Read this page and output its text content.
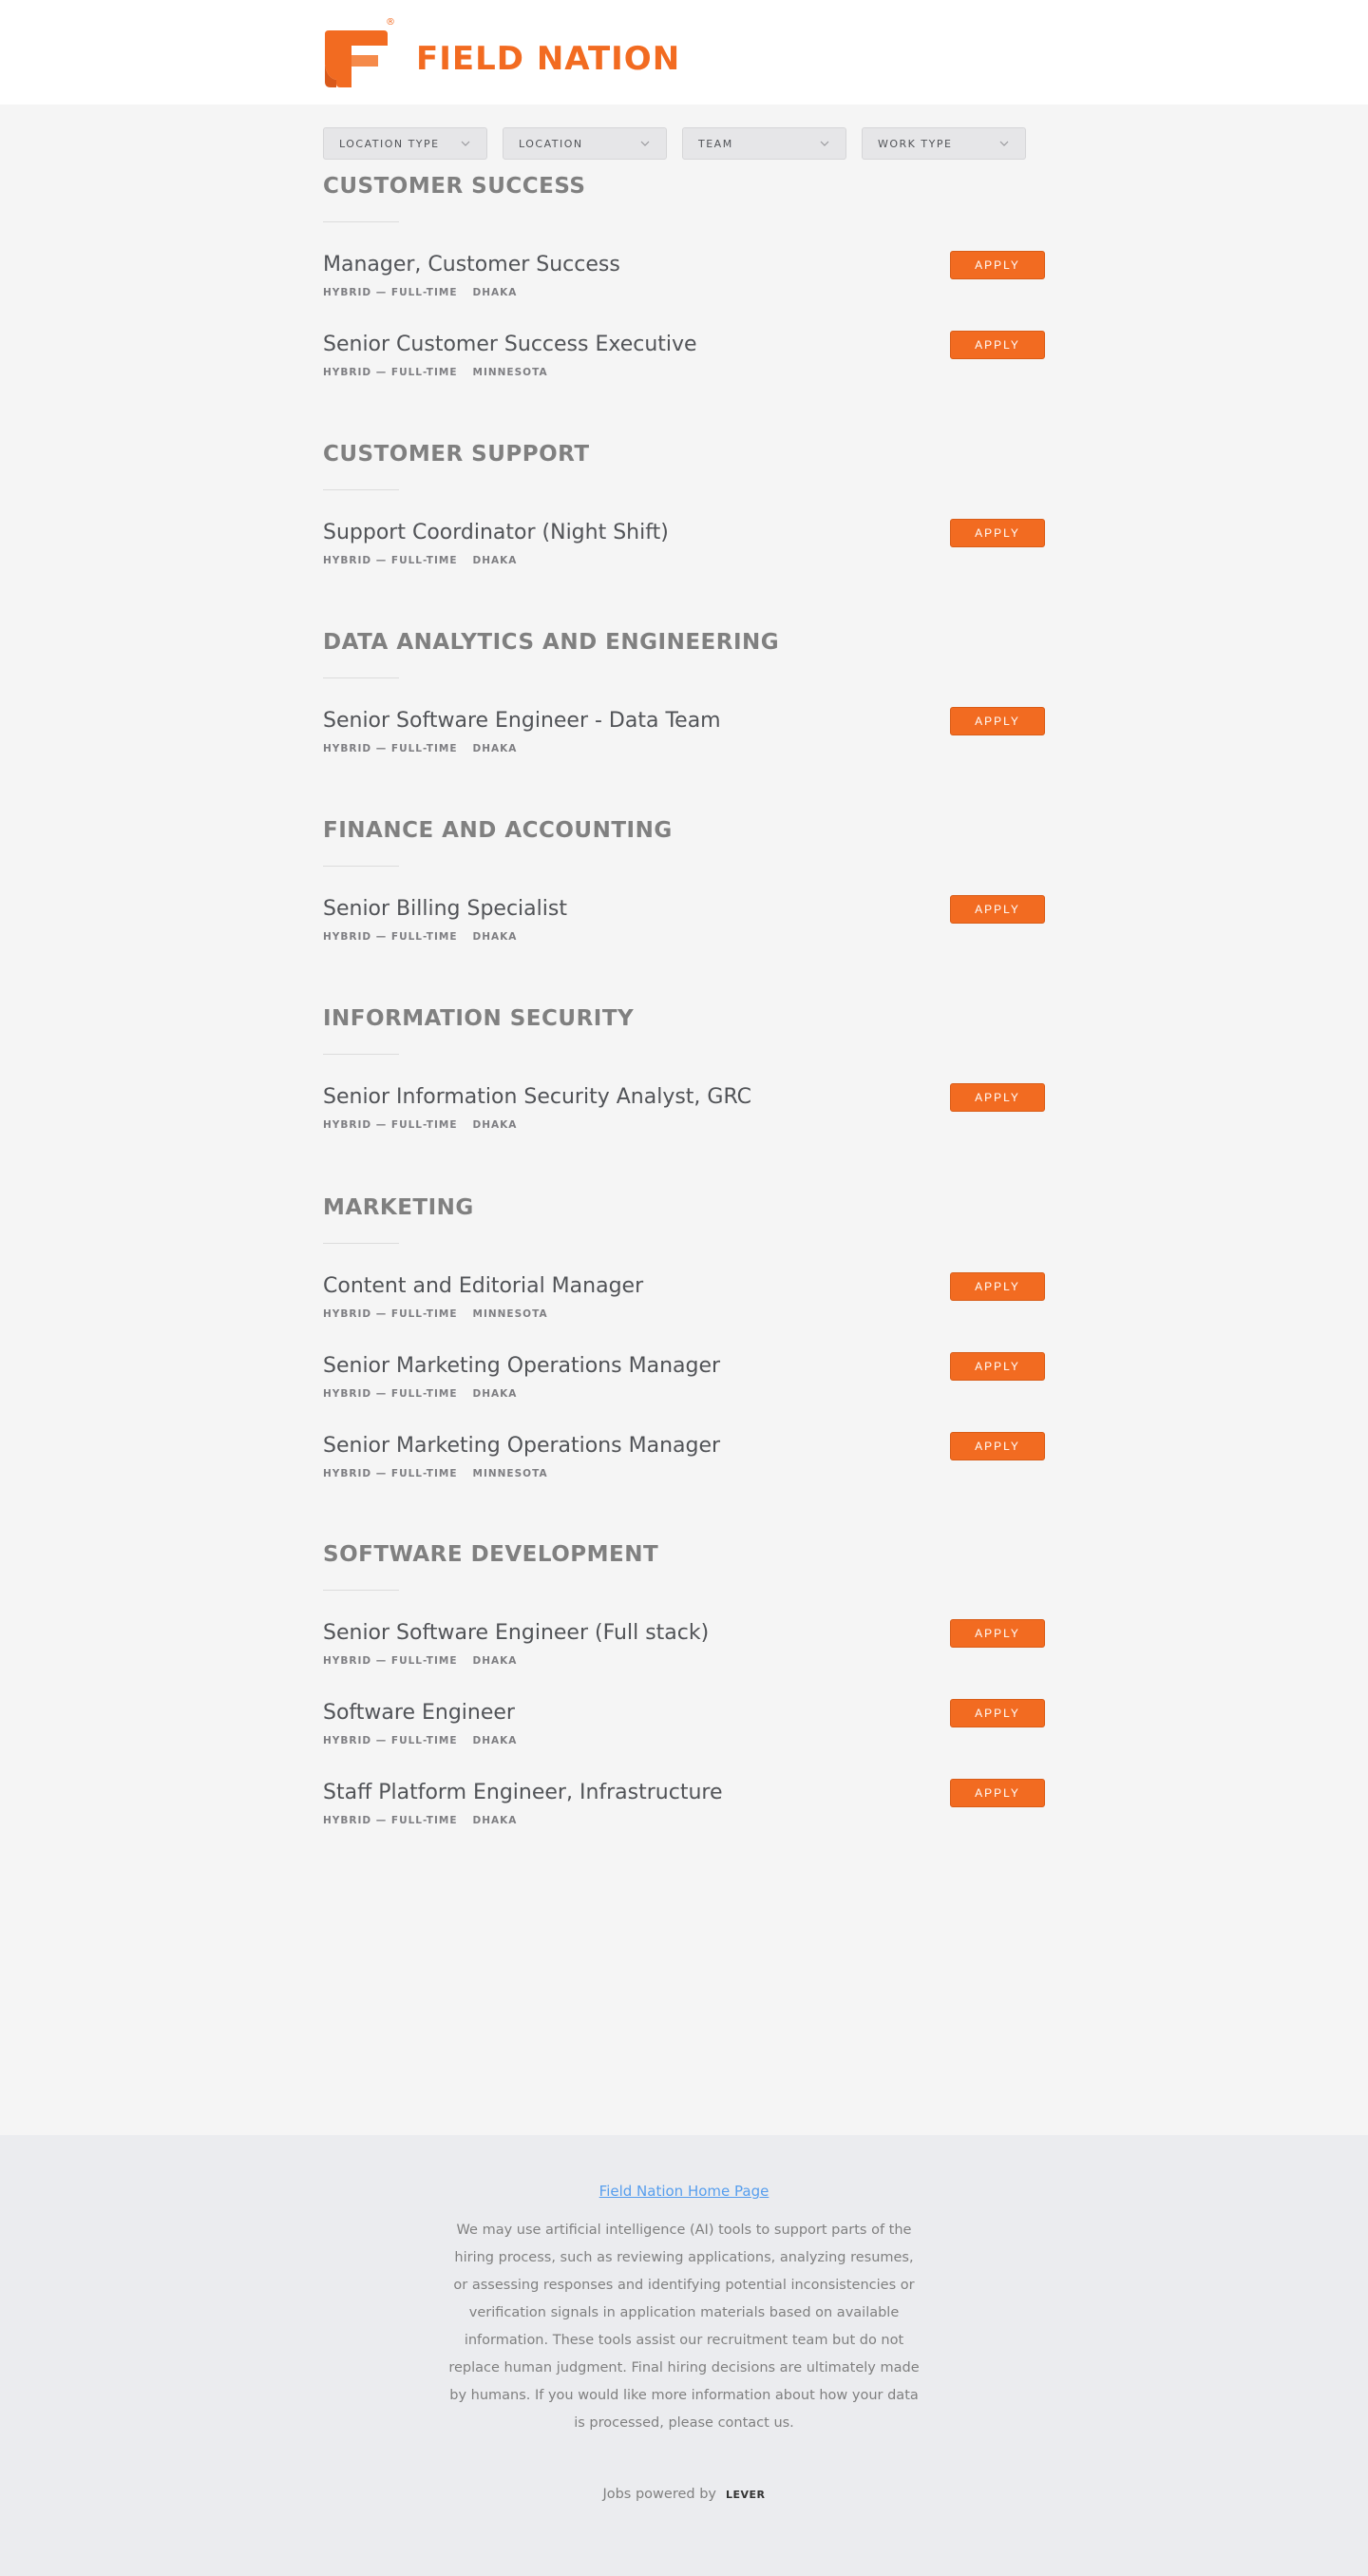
®
FIELD NATION
LOCATION TYPE	LOCATION	TEAM	WORK TYPE
CUSTOMER SUCCESS
Manager, Customer Success
HYBRID — FULL-TIME DHAKA
APPLY
Senior Customer Success Executive
HYBRID — FULL-TIME MINNESOTA
APPLY
CUSTOMER SUPPORT
Support Coordinator (Night Shift)
HYBRID — FULL-TIME DHAKA
APPLY
DATA ANALYTICS AND ENGINEERING
Senior Software Engineer - Data Team
HYBRID — FULL-TIME DHAKA
APPLY
FINANCE AND ACCOUNTING
Senior Billing Specialist
HYBRID — FULL-TIME DHAKA
APPLY
INFORMATION SECURITY
Senior Information Security Analyst, GRC
HYBRID — FULL-TIME DHAKA
APPLY
MARKETING
Content and Editorial Manager
HYBRID — FULL-TIME MINNESOTA
APPLY
Senior Marketing Operations Manager
HYBRID — FULL-TIME DHAKA
APPLY
Senior Marketing Operations Manager
HYBRID — FULL-TIME MINNESOTA
APPLY
SOFTWARE DEVELOPMENT
Senior Software Engineer (Full stack)
HYBRID — FULL-TIME DHAKA
APPLY
Software Engineer
HYBRID — FULL-TIME DHAKA
APPLY
Staff Platform Engineer, Infrastructure
HYBRID — FULL-TIME DHAKA
APPLY
Field Nation Home Page

We may use artificial intelligence (AI) tools to support parts of the hiring process, such as reviewing applications, analyzing resumes, or assessing responses and identifying potential inconsistencies or verification signals in application materials based on available information. These tools assist our recruitment team but do not replace human judgment. Final hiring decisions are ultimately made by humans. If you would like more information about how your data is processed, please contact us.

Jobs powered by LEVER
